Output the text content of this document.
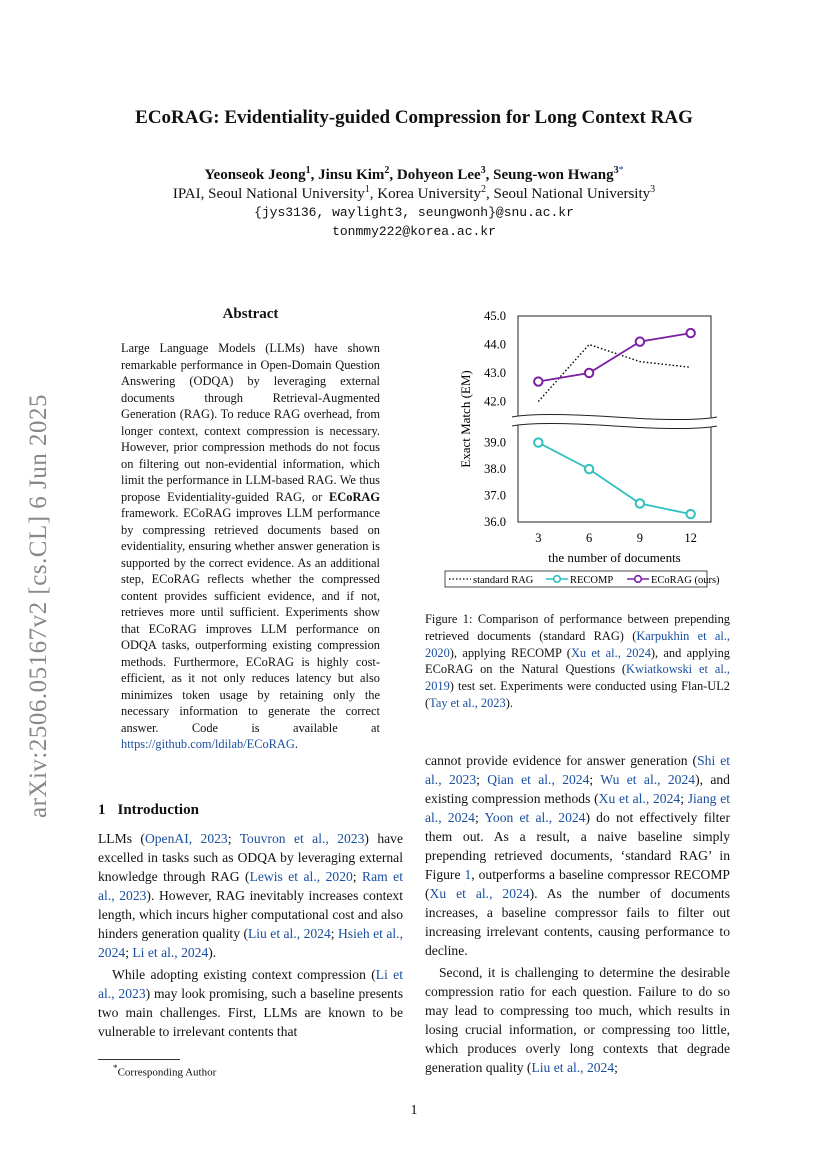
arXiv:2506.05167v2 [cs.CL] 6 Jun 2025
ECoRAG: Evidentiality-guided Compression for Long Context RAG
Yeonseok Jeong$^1$, Jinsu Kim$^2$, Dohyeon Lee$^3$, Seung-won Hwang$^{3*}$
IPAI, Seoul National University$^1$, Korea University$^2$, Seoul National University$^3$
{jys3136, waylight3, seungwonh}@snu.ac.kr
tonmmy222@korea.ac.kr
Abstract

Large Language Models (LLMs) have shown remarkable performance in Open-Domain Question Answering (ODQA) by leveraging external documents through Retrieval-Augmented Generation (RAG). To reduce RAG overhead, from longer context, context compression is necessary. However, prior compression methods do not focus on filtering out non-evidential information, which limit the performance in LLM-based RAG. We thus propose Evidentiality-guided RAG, or ECoRAG framework. ECoRAG improves LLM performance by compressing retrieved documents based on evidentiality, ensuring whether answer generation is supported by the correct evidence. As an additional step, ECoRAG reflects whether the compressed content provides sufficient evidence, and if not, retrieves more until sufficient. Experiments show that ECoRAG improves LLM performance on ODQA tasks, outperforming existing compression methods. Furthermore, ECoRAG is highly cost-efficient, as it not only reduces latency but also minimizes token usage by retaining only the necessary information to generate the correct answer. Code is available at https://github.com/ldilab/ECoRAG.

1 Introduction

LLMs (OpenAI, 2023; Touvron et al., 2023) have excelled in tasks such as ODQA by leveraging external knowledge through RAG (Lewis et al., 2020; Ram et al., 2023). However, RAG inevitably increases context length, which incurs higher computational cost and also hinders generation quality (Liu et al., 2024; Hsieh et al., 2024; Li et al., 2024).

While adopting existing context compression (Li et al., 2023) may look promising, such a baseline presents two main challenges. First, LLMs are known to be vulnerable to irrelevant contents that

*Corresponding Author
45.0
44.0
43.0
42.0
39.0
38.0
37.0
36.0
3	6	9	12
the number of documents
Exact Match (EM)
standard RAG	RECOMP	ECoRAG (ours)

Figure 1: Comparison of performance between prepending retrieved documents (standard RAG) (Karpukhin et al., 2020), applying RECOMP (Xu et al., 2024), and applying ECoRAG on the Natural Questions (Kwiatkowski et al., 2019) test set. Experiments were conducted using Flan-UL2 (Tay et al., 2023).

cannot provide evidence for answer generation (Shi et al., 2023; Qian et al., 2024; Wu et al., 2024), and existing compression methods (Xu et al., 2024; Jiang et al., 2024; Yoon et al., 2024) do not effectively filter them out. As a result, a naive baseline simply prepending retrieved documents, ‘standard RAG’ in Figure 1, outperforms a baseline compressor RECOMP (Xu et al., 2024). As the number of documents increases, a baseline compressor fails to filter out increasing irrelevant contents, causing performance to decline.

Second, it is challenging to determine the desirable compression ratio for each question. Failure to do so may lead to compressing too much, which results in losing crucial information, or compressing too little, which produces overly long contexts that degrade generation quality (Liu et al., 2024;

1
